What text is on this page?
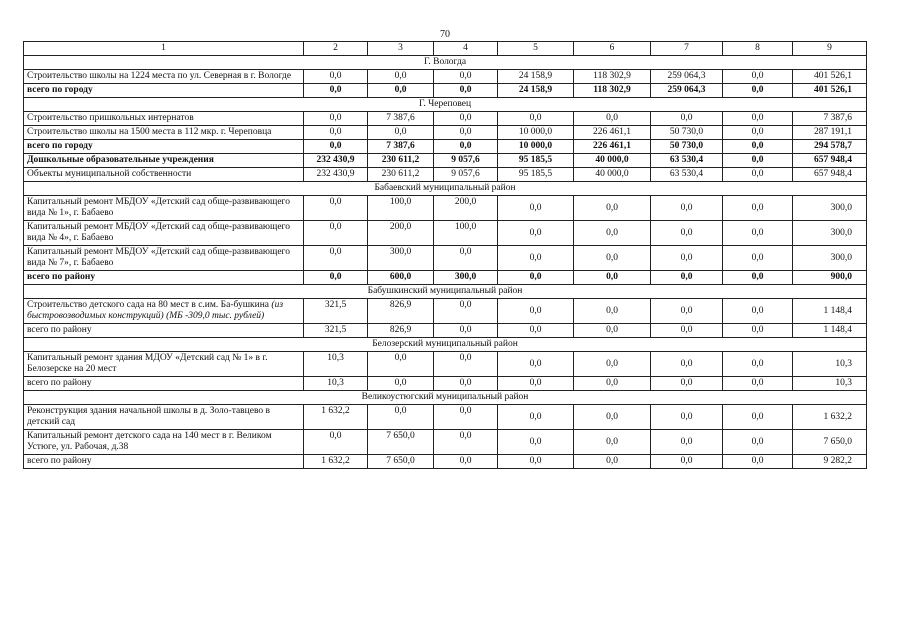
70
1	2	3	4	5	6	7	8	9
Г. Вологда								
Строительство школы на 1224 места по ул. Северная в г. Вологде	0,0	0,0	0,0	24 158,9	118 302,9	259 064,3	0,0	401 526,1
всего по городу	0,0	0,0	0,0	24 158,9	118 302,9	259 064,3	0,0	401 526,1
Г. Череповец								
Строительство пришкольных интернатов	0,0	7 387,6	0,0	0,0	0,0	0,0	0,0	7 387,6
Строительство школы на 1500 места в 112 мкр. г. Череповца	0,0	0,0	0,0	10 000,0	226 461,1	50 730,0	0,0	287 191,1
всего по городу	0,0	7 387,6	0,0	10 000,0	226 461,1	50 730,0	0,0	294 578,7
Дошкольные образовательные учреждения	232 430,9	230 611,2	9 057,6	95 185,5	40 000,0	63 530,4	0,0	657 948,4
Объекты муниципальной собственности	232 430,9	230 611,2	9 057,6	95 185,5	40 000,0	63 530,4	0,0	657 948,4
Бабаевский муниципальный район								
Капитальный ремонт МБДОУ «Детский сад обще-развивающего вида № 1», г. Бабаево	0,0	100,0	200,0	0,0	0,0	0,0	0,0	300,0
Капитальный ремонт МБДОУ «Детский сад обще-развивающего вида № 4», г. Бабаево	0,0	200,0	100,0	0,0	0,0	0,0	0,0	300,0
Капитальный ремонт МБДОУ «Детский сад обще-развивающего вида № 7», г. Бабаево	0,0	300,0	0,0	0,0	0,0	0,0	0,0	300,0
всего по району	0,0	600,0	300,0	0,0	0,0	0,0	0,0	900,0
Бабушкинский муниципальный район								
Строительство детского сада на 80 мест в с.им. Ба-бушкина (из быстровозводимых конструкций) (МБ -309,0 тыс. рублей)	321,5	826,9	0,0	0,0	0,0	0,0	0,0	1 148,4
всего по району	321,5	826,9	0,0	0,0	0,0	0,0	0,0	1 148,4
Белозерский муниципальный район								
Капитальный ремонт здания МДОУ «Детский сад № 1» в г. Белозерске на 20 мест	10,3	0,0	0,0	0,0	0,0	0,0	0,0	10,3
всего по району	10,3	0,0	0,0	0,0	0,0	0,0	0,0	10,3
Великоустюгский муниципальный район								
Реконструкция здания начальной школы в д. Золо-тавцево в детский сад	1 632,2	0,0	0,0	0,0	0,0	0,0	0,0	1 632,2
Капитальный ремонт детского сада на 140 мест в г. Великом Устюге, ул. Рабочая, д.38	0,0	7 650,0	0,0	0,0	0,0	0,0	0,0	7 650,0
всего по району	1 632,2	7 650,0	0,0	0,0	0,0	0,0	0,0	9 282,2
